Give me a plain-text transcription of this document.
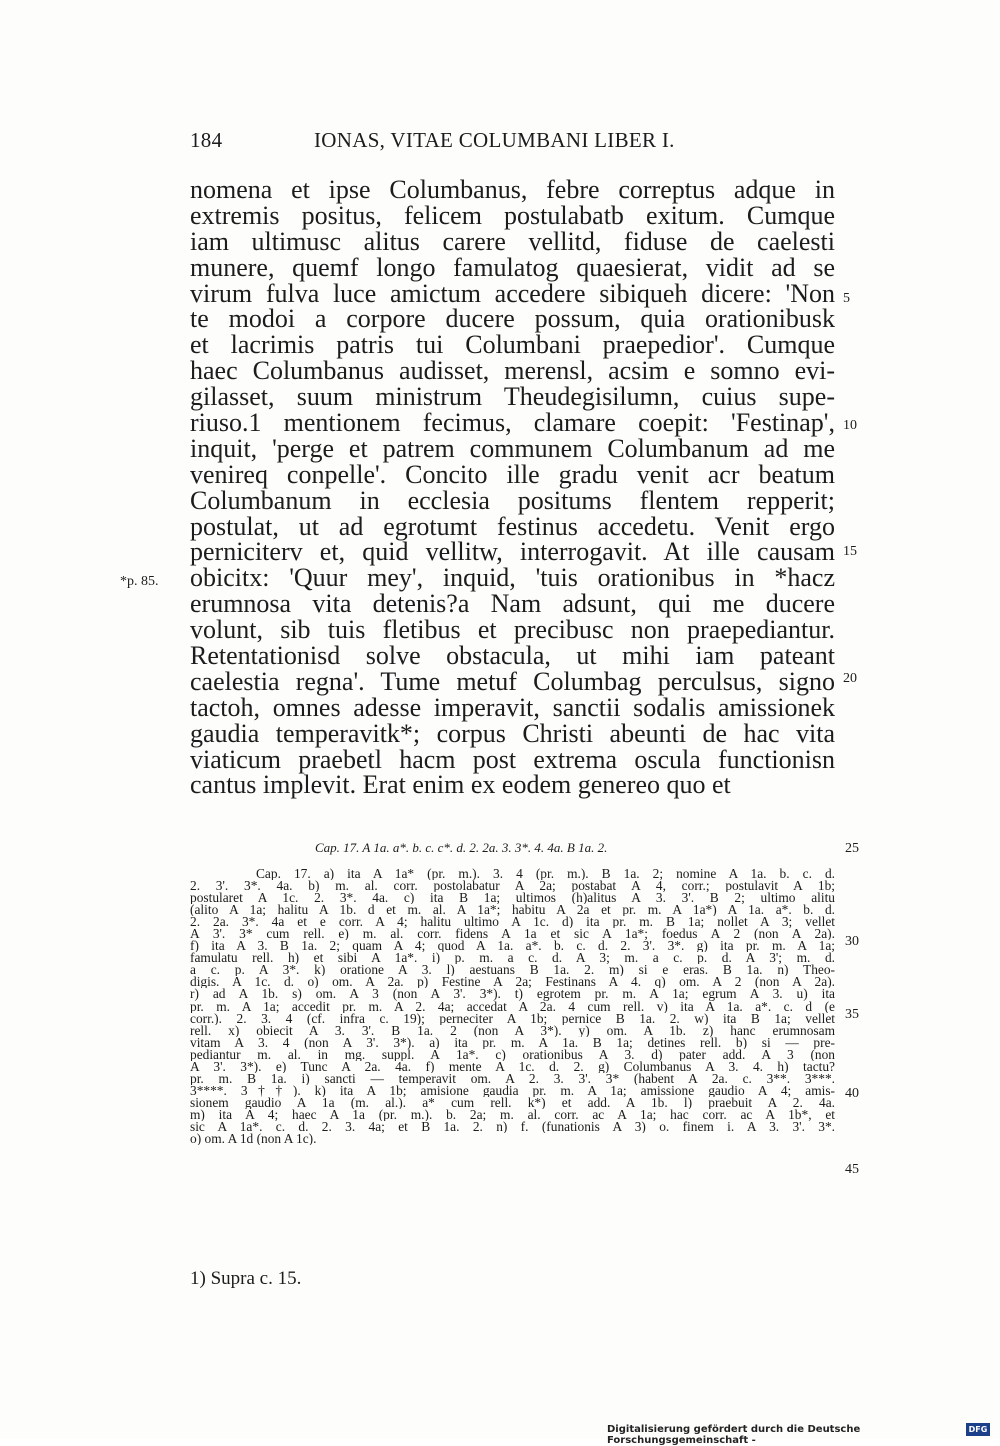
184	IONAS, VITAE COLUMBANI LIBER I.
nomena et ipse Columbanus, febre correptus adque in
extremis positus, felicem postulabatb exitum. Cumque
iam ultimusc alitus carere vellitd, fiduse de caelesti
munere, quemf longo famulatog quaesierat, vidit ad se
virum fulva luce amictum accedere sibiqueh dicere: 'Non
te modoi a corpore ducere possum, quia orationibusk
et lacrimis patris tui Columbani praepedior'. Cumque
haec Columbanus audisset, merensl, acsim e somno evi-
gilasset, suum ministrum Theudegisilumn, cuius supe-
riuso.1 mentionem fecimus, clamare coepit: 'Festinap',
inquit, 'perge et patrem communem Columbanum ad me
venireq conpelle'. Concito ille gradu venit acr beatum
Columbanum in ecclesia positums flentem repperit;
postulat, ut ad egrotumt festinus accedetu. Venit ergo
perniciterv et, quid vellitw, interrogavit. At ille causam
obicitx: 'Quur mey', inquid, 'tuis orationibus in *hacz
erumnosa vita detenis?a Nam adsunt, qui me ducere
volunt, sib tuis fletibus et precibusc non praepediantur.
Retentationisd solve obstacula, ut mihi iam pateant
caelestia regna'. Tume metuf Columbag perculsus, signo
tactoh, omnes adesse imperavit, sanctii sodalis amissionek
gaudia temperavitk*; corpus Christi abeunti de hac vita
viaticum praebetl hacm post extrema oscula functionisn
cantus implevit. Erat enim ex eodem genereo quo et
5
10
15
20
*p. 85.
Cap. 17. A 1a. a*. b. c. c*. d. 2. 2a. 3. 3*. 4. 4a. B 1a. 2.	25
30
35
40
45
Cap. 17. a) ita A 1a* (pr. m.). 3. 4 (pr. m.). B 1a. 2; nomine A 1a. b. c. d.
2. 3'. 3*. 4a. b) m. al. corr. postolabatur A 2a; postabat A 4, corr.; postulavit A 1b;
postularet A 1c. 2. 3*. 4a. c) ita B 1a; ultimos (h)alitus A 3. 3'. B 2; ultimo alitu
(alito A 1a; halitu A 1b. d et m. al. A 1a*; habitu A 2a et pr. m. A 1a*) A 1a. a*. b. d.
2. 2a. 3*. 4a et e corr. A 4; halitu ultimo A 1c. d) ita pr. m. B 1a; nollet A 3; vellet
A 3'. 3* cum rell. e) m. al. corr. fidens A 1a et sic A 1a*; foedus A 2 (non A 2a).
f) ita A 3. B 1a. 2; quam A 4; quod A 1a. a*. b. c. d. 2. 3'. 3*. g) ita pr. m. A 1a;
famulatu rell. h) et sibi A 1a*. i) p. m. a c. d. A 3; m. a c. p. d. A 3'; m. d.
a c. p. A 3*. k) oratione A 3. l) aestuans B 1a. 2. m) si e eras. B 1a. n) Theo-
digis. A 1c. d. o) om. A 2a. p) Festine A 2a; Festinans A 4. q) om. A 2 (non A 2a).
r) ad A 1b. s) om. A 3 (non A 3'. 3*). t) egrotem pr. m. A 1a; egrum A 3. u) ita
pr. m. A 1a; accedit pr. m. A 2. 4a; accedat A 2a. 4 cum rell. v) ita A 1a. a*. c. d (e
corr.). 2. 3. 4 (cf. infra c. 19); perneciter A 1b; pernice B 1a. 2. w) ita B 1a; vellet
rell. x) obiecit A 3. 3'. B 1a. 2 (non A 3*). y) om. A 1b. z) hanc erumnosam
vitam A 3. 4 (non A 3'. 3*). a) ita pr. m. A 1a. B 1a; detines rell. b) si — pre-
pediantur m. al. in mg. suppl. A 1a*. c) orationibus A 3. d) pater add. A 3 (non
A 3'. 3*). e) Tunc A 2a. 4a. f) mente A 1c. d. 2. g) Columbanus A 3. 4. h) tactu?
pr. m. B 1a. i) sancti — temperavit om. A 2. 3. 3'. 3* (habent A 2a. c. 3**. 3***.
3****. 3††). k) ita A 1b; amisione gaudia pr. m. A 1a; amissione gaudio A 4; amis-
sionem gaudio A 1a (m. al.). a* cum rell. k*) et add. A 1b. l) praebuit A 2. 4a.
m) ita A 4; haec A 1a (pr. m.). b. 2a; m. al. corr. ac A 1a; hac corr. ac A 1b*, et
sic A 1a*. c. d. 2. 3. 4a; et B 1a. 2. n) f. (funationis A 3) o. finem i. A 3. 3'. 3*.
o) om. A 1d (non A 1c).
1) Supra c. 15.
Digitalisierung gefördert durch die Deutsche Forschungsgemeinschaft -
DFG
